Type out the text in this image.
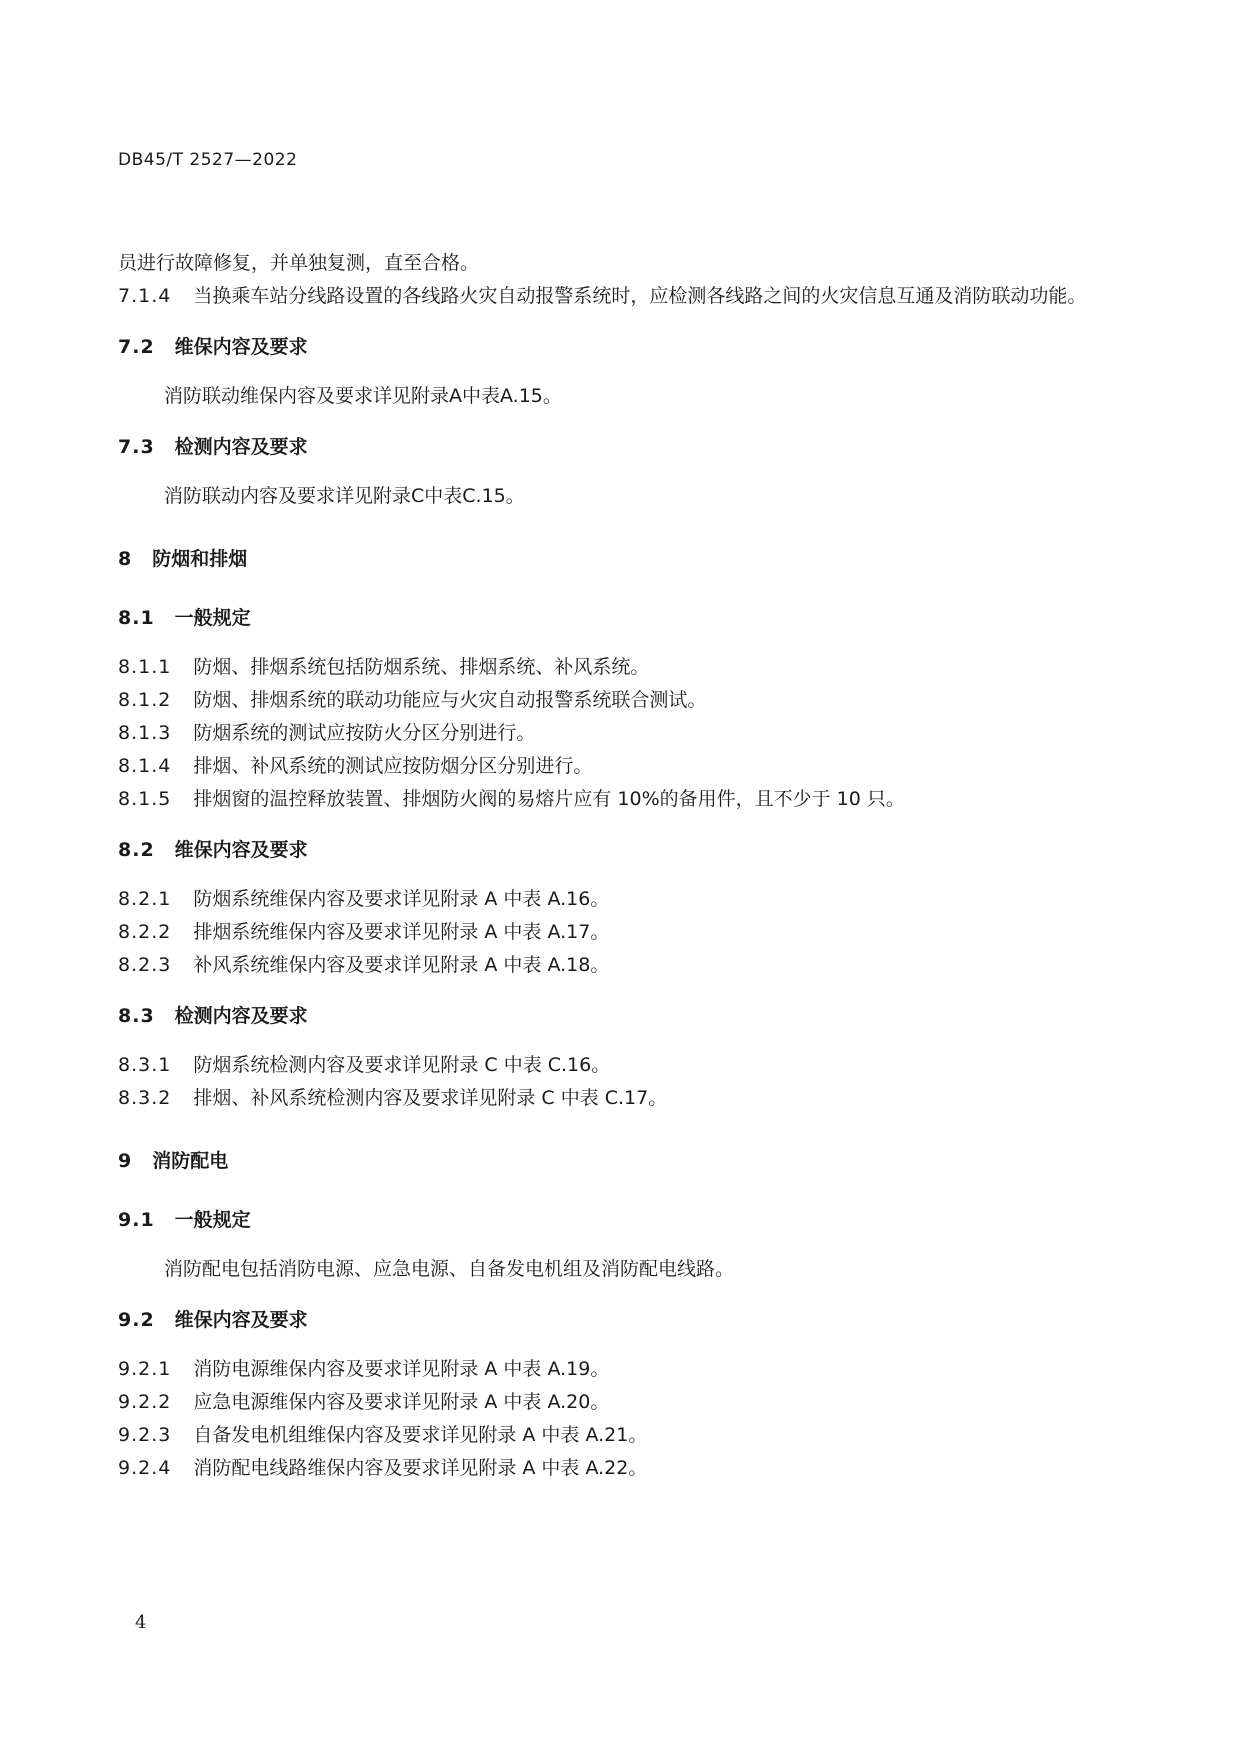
DB45/T 2527—2022
员进行故障修复，并单独复测，直至合格。
7.1.4 当换乘车站分线路设置的各线路火灾自动报警系统时，应检测各线路之间的火灾信息互通及消防联动功能。
7.2 维保内容及要求
消防联动维保内容及要求详见附录A中表A.15。
7.3 检测内容及要求
消防联动内容及要求详见附录C中表C.15。
8 防烟和排烟
8.1 一般规定
8.1.1 防烟、排烟系统包括防烟系统、排烟系统、补风系统。
8.1.2 防烟、排烟系统的联动功能应与火灾自动报警系统联合测试。
8.1.3 防烟系统的测试应按防火分区分别进行。
8.1.4 排烟、补风系统的测试应按防烟分区分别进行。
8.1.5 排烟窗的温控释放装置、排烟防火阀的易熔片应有 10%的备用件，且不少于 10 只。
8.2 维保内容及要求
8.2.1 防烟系统维保内容及要求详见附录 A 中表 A.16。
8.2.2 排烟系统维保内容及要求详见附录 A 中表 A.17。
8.2.3 补风系统维保内容及要求详见附录 A 中表 A.18。
8.3 检测内容及要求
8.3.1 防烟系统检测内容及要求详见附录 C 中表 C.16。
8.3.2 排烟、补风系统检测内容及要求详见附录 C 中表 C.17。
9 消防配电
9.1 一般规定
消防配电包括消防电源、应急电源、自备发电机组及消防配电线路。
9.2 维保内容及要求
9.2.1 消防电源维保内容及要求详见附录 A 中表 A.19。
9.2.2 应急电源维保内容及要求详见附录 A 中表 A.20。
9.2.3 自备发电机组维保内容及要求详见附录 A 中表 A.21。
9.2.4 消防配电线路维保内容及要求详见附录 A 中表 A.22。
4
